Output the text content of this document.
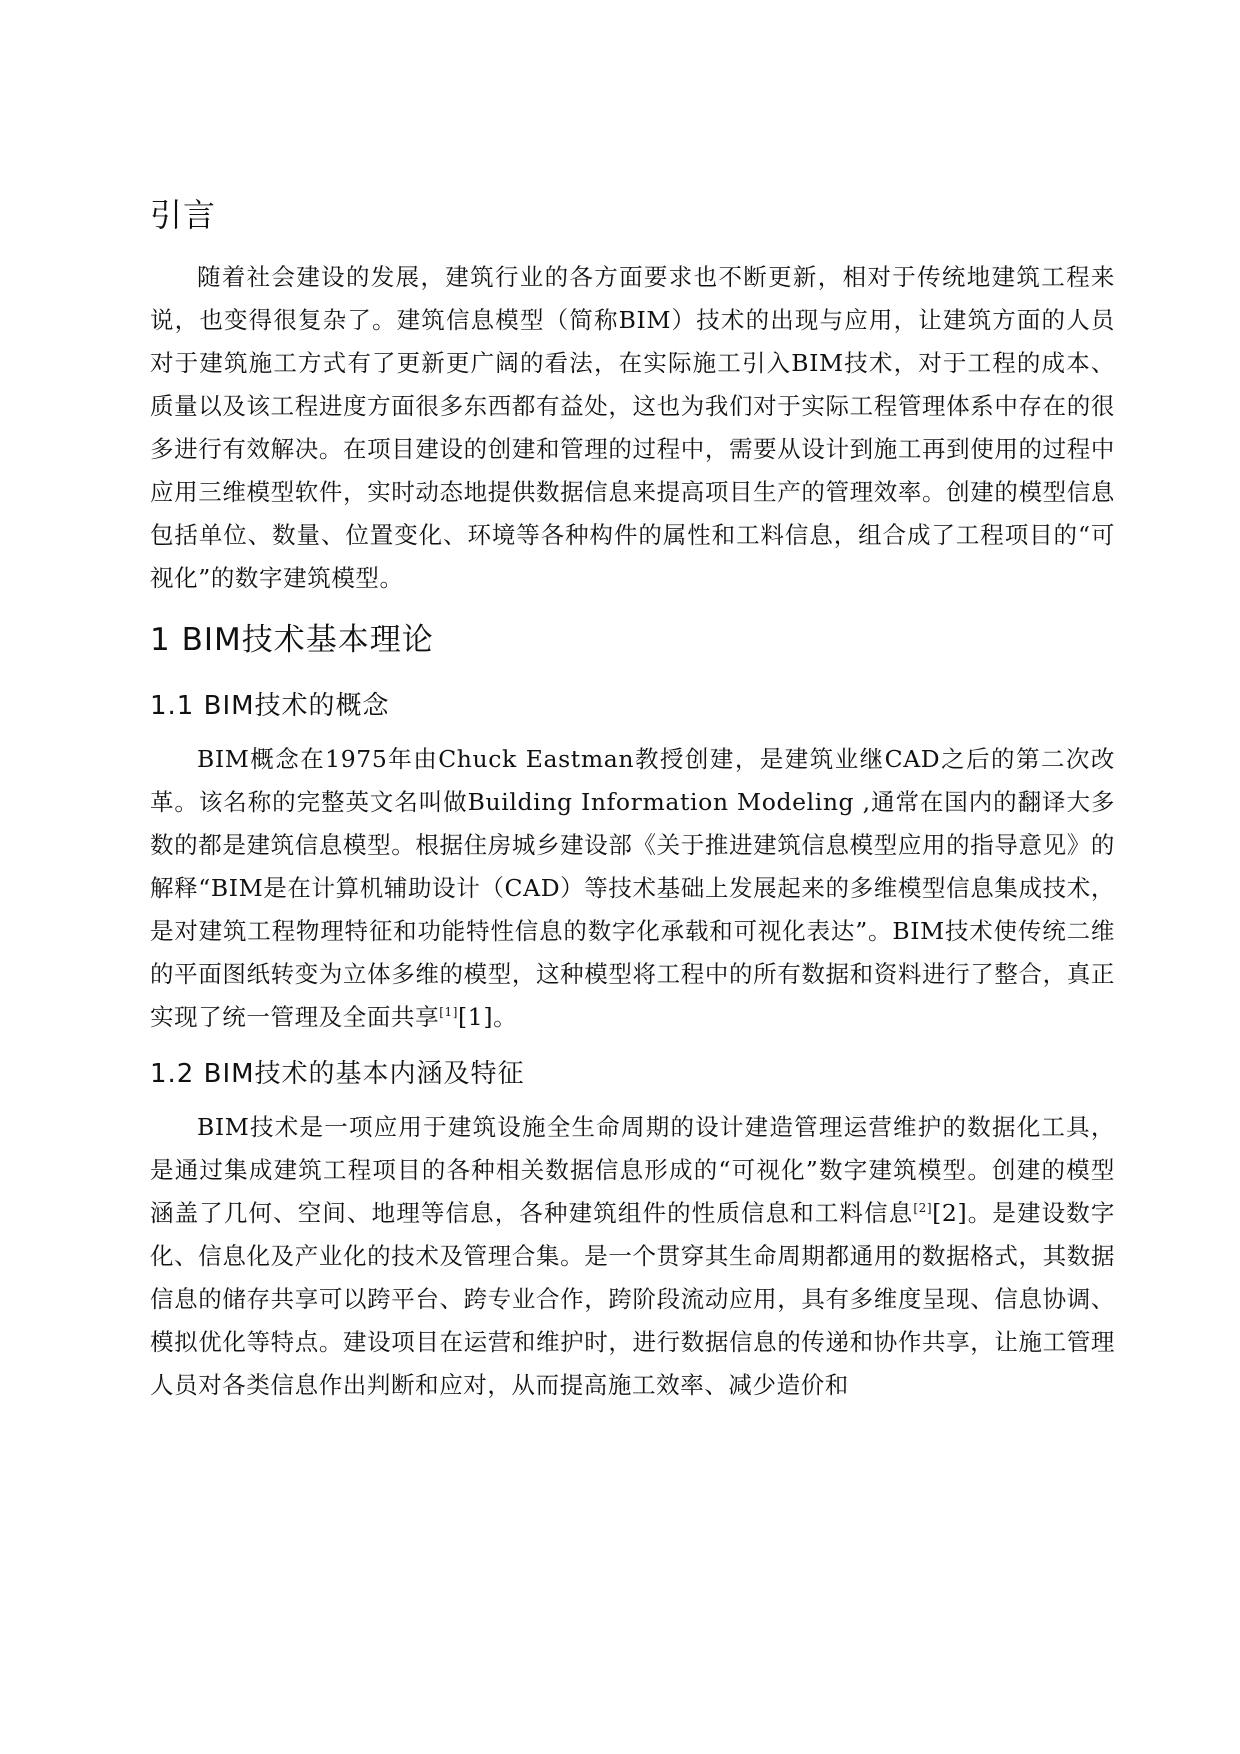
引言

随着社会建设的发展，建筑行业的各方面要求也不断更新，相对于传统地建筑工程来说，也变得很复杂了。建筑信息模型（简称BIM）技术的出现与应用，让建筑方面的人员对于建筑施工方式有了更新更广阔的看法，在实际施工引入BIM技术，对于工程的成本、质量以及该工程进度方面很多东西都有益处，这也为我们对于实际工程管理体系中存在的很多进行有效解决。在项目建设的创建和管理的过程中，需要从设计到施工再到使用的过程中应用三维模型软件，实时动态地提供数据信息来提高项目生产的管理效率。创建的模型信息包括单位、数量、位置变化、环境等各种构件的属性和工料信息，组合成了工程项目的“可视化”的数字建筑模型。

1 BIM技术基本理论
1.1 BIM技术的概念

BIM概念在1975年由Chuck Eastman教授创建，是建筑业继CAD之后的第二次改革。该名称的完整英文名叫做Building Information Modeling ,通常在国内的翻译大多数的都是建筑信息模型。根据住房城乡建设部《关于推进建筑信息模型应用的指导意见》的解释“BIM是在计算机辅助设计（CAD）等技术基础上发展起来的多维模型信息集成技术，是对建筑工程物理特征和功能特性信息的数字化承载和可视化表达”。BIM技术使传统二维的平面图纸转变为立体多维的模型，这种模型将工程中的所有数据和资料进行了整合，真正实现了统一管理及全面共享[1][1]。

1.2 BIM技术的基本内涵及特征

BIM技术是一项应用于建筑设施全生命周期的设计建造管理运营维护的数据化工具，是通过集成建筑工程项目的各种相关数据信息形成的“可视化”数字建筑模型。创建的模型涵盖了几何、空间、地理等信息，各种建筑组件的性质信息和工料信息[2][2]。是建设数字化、信息化及产业化的技术及管理合集。是一个贯穿其生命周期都通用的数据格式，其数据信息的储存共享可以跨平台、跨专业合作，跨阶段流动应用，具有多维度呈现、信息协调、模拟优化等特点。建设项目在运营和维护时，进行数据信息的传递和协作共享，让施工管理人员对各类信息作出判断和应对，从而提高施工效率、减少造价和
